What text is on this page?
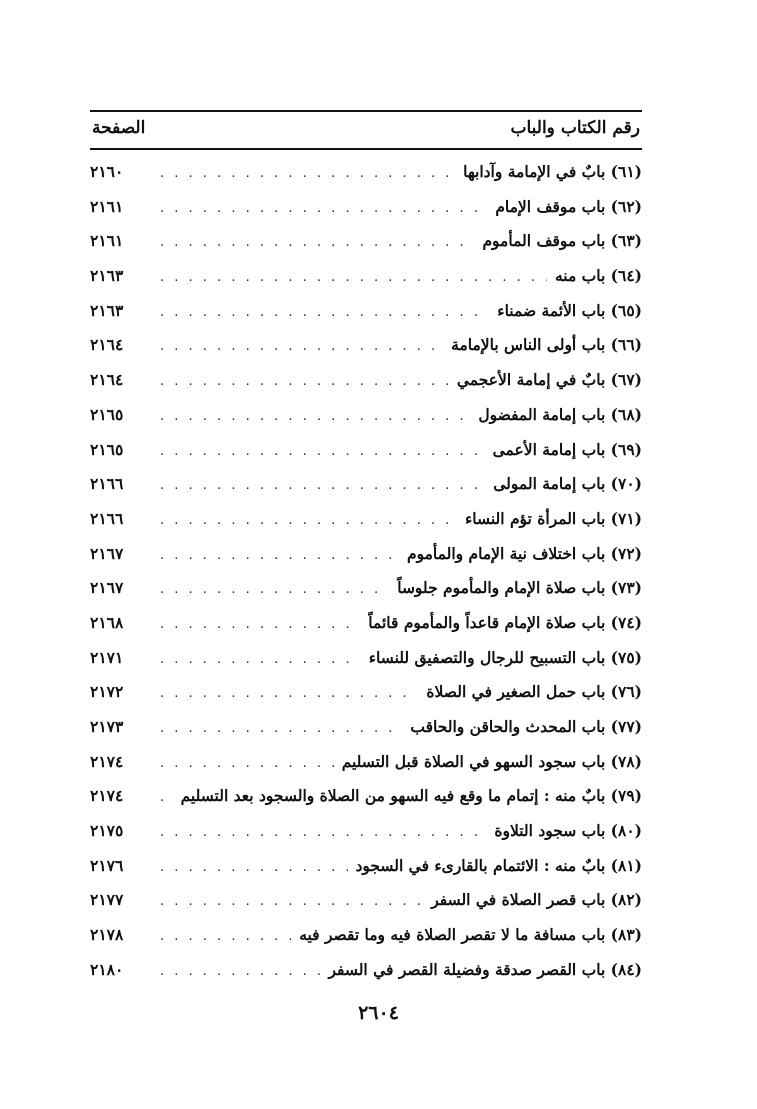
رقم الكتاب والباب
الصفحة
(٦١) بابٌ في الإمامة وآدابها
. . .
٢١٦٠
(٦٢) باب موقف الإمام
. . .
٢١٦١
(٦٣) باب موقف المأموم
. . .
٢١٦١
(٦٤) باب منه
. . .
٢١٦٣
(٦٥) باب الأئمة ضمناء
. . .
٢١٦٣
(٦٦) باب أولى الناس بالإمامة
. . .
٢١٦٤
(٦٧) بابٌ في إمامة الأعجمي
. . .
٢١٦٤
(٦٨) باب إمامة المفضول
. . .
٢١٦٥
(٦٩) باب إمامة الأعمى
. . .
٢١٦٥
(٧٠) باب إمامة المولى
. . .
٢١٦٦
(٧١) باب المرأة تؤم النساء
. . .
٢١٦٦
(٧٢) باب اختلاف نية الإمام والمأموم
. . .
٢١٦٧
(٧٣) باب صلاة الإمام والمأموم جلوساً
. . .
٢١٦٧
(٧٤) باب صلاة الإمام قاعداً والمأموم قائماً
. . .
٢١٦٨
(٧٥) باب التسبيح للرجال والتصفيق للنساء
. . .
٢١٧١
(٧٦) باب حمل الصغير في الصلاة
. . .
٢١٧٢
(٧٧) باب المحدث والحاقن والحاقب
. . .
٢١٧٣
(٧٨) باب سجود السهو في الصلاة قبل التسليم
. . .
٢١٧٤
(٧٩) بابٌ منه : إتمام ما وقع فيه السهو من الصلاة والسجود بعد التسليم
. . .
٢١٧٤
(٨٠) باب سجود التلاوة
. . .
٢١٧٥
(٨١) بابٌ منه : الائتمام بالقارىء في السجود
. . .
٢١٧٦
(٨٢) باب قصر الصلاة في السفر
. . .
٢١٧٧
(٨٣) باب مسافة ما لا تقصر الصلاة فيه وما تقصر فيه
. . .
٢١٧٨
(٨٤) باب القصر صدقة وفضيلة القصر في السفر
. . .
٢١٨٠
٢٦٠٤
